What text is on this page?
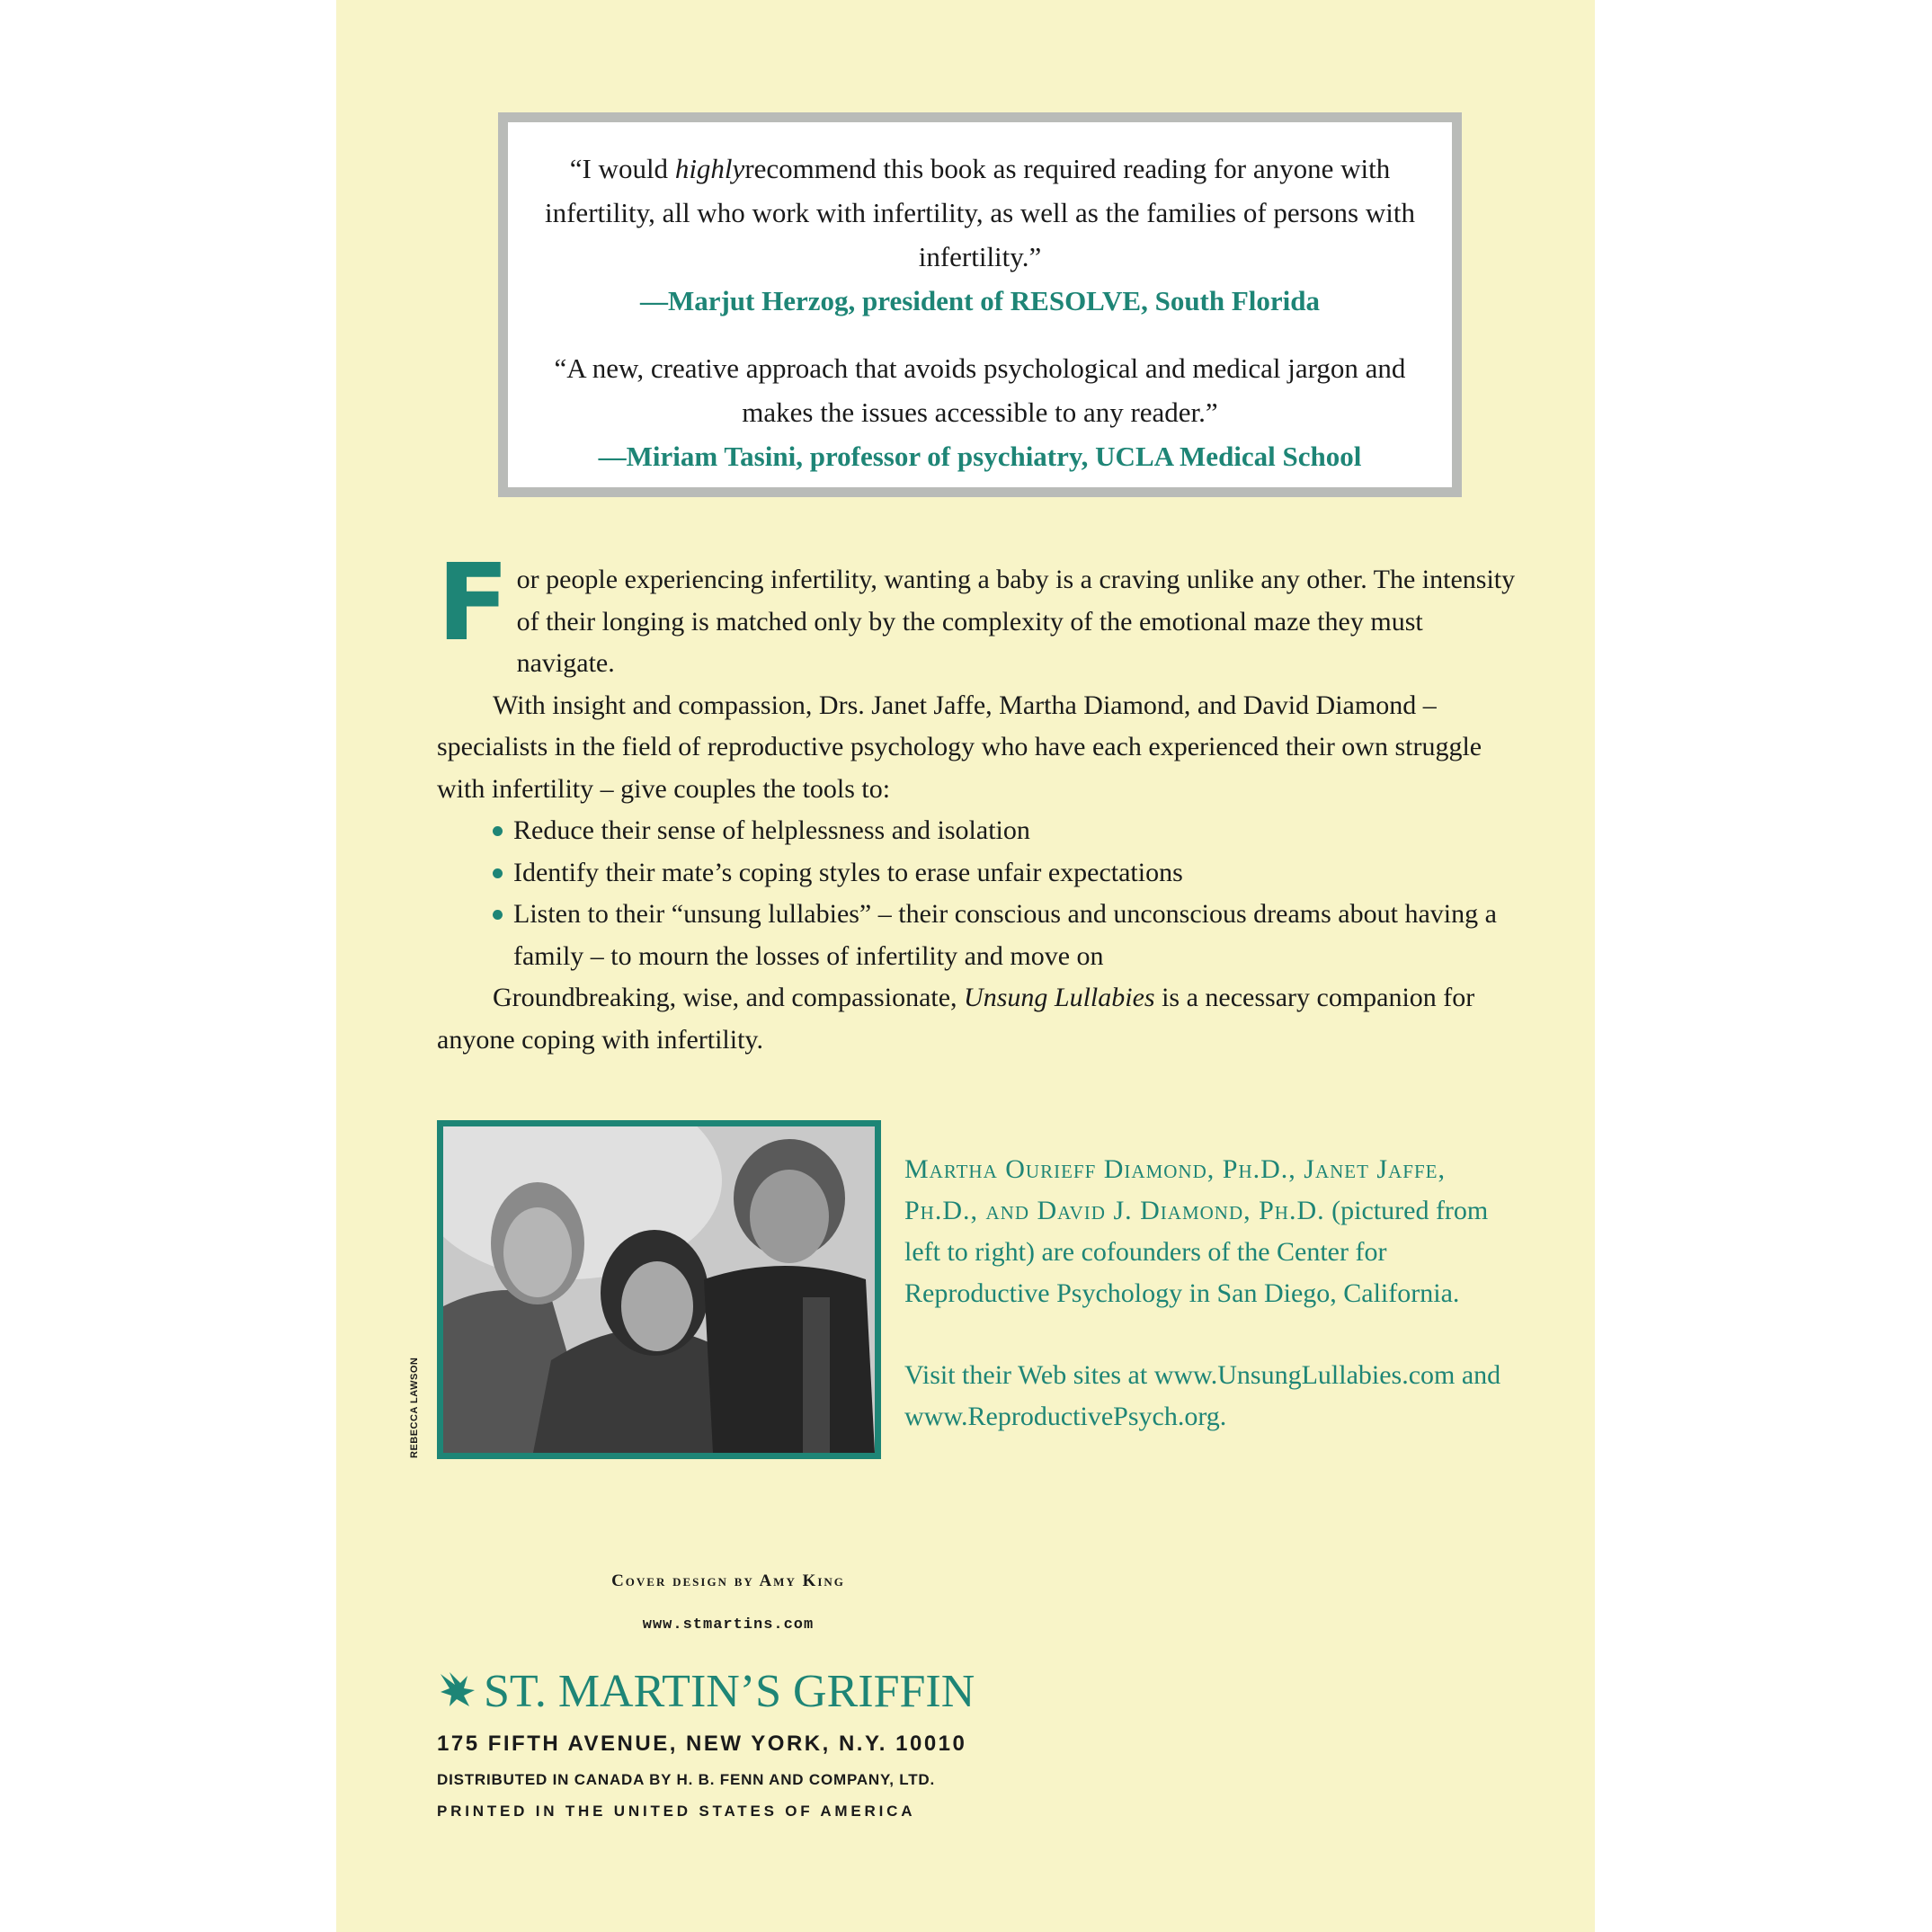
“I would highlyrecommend this book as required reading for anyone with infertility, all who work with infertility, as well as the families of persons with infertility.”
—Marjut Herzog, president of RESOLVE, South Florida
“A new, creative approach that avoids psychological and medical jargon and makes the issues accessible to any reader.”
—Miriam Tasini, professor of psychiatry, UCLA Medical School

For people experiencing infertility, wanting a baby is a craving unlike any other. The intensity of their longing is matched only by the complexity of the emotional maze they must navigate.

With insight and compassion, Drs. Janet Jaffe, Martha Diamond, and David Diamond – specialists in the field of reproductive psychology who have each experienced their own struggle with infertility – give couples the tools to:

Reduce their sense of helplessness and isolation
Identify their mate’s coping styles to erase unfair expectations
Listen to their “unsung lullabies” – their conscious and unconscious dreams about having a family – to mourn the losses of infertility and move on

Groundbreaking, wise, and compassionate, Unsung Lullabies is a necessary companion for anyone coping with infertility.

REBECCA LAWSON

Martha Ourieff Diamond, Ph.D., Janet Jaffe, Ph.D., and David J. Diamond, Ph.D. (pictured from left to right) are cofounders of the Center for Reproductive Psychology in San Diego, California.

Visit their Web sites at www.UnsungLullabies.com and www.ReproductivePsych.org.

Cover design by Amy King
www.stmartins.com
ST. MARTIN’S GRIFFIN
175 FIFTH AVENUE, NEW YORK, N.Y. 10010
DISTRIBUTED IN CANADA BY H. B. FENN AND COMPANY, LTD.
PRINTED IN THE UNITED STATES OF AMERICA
